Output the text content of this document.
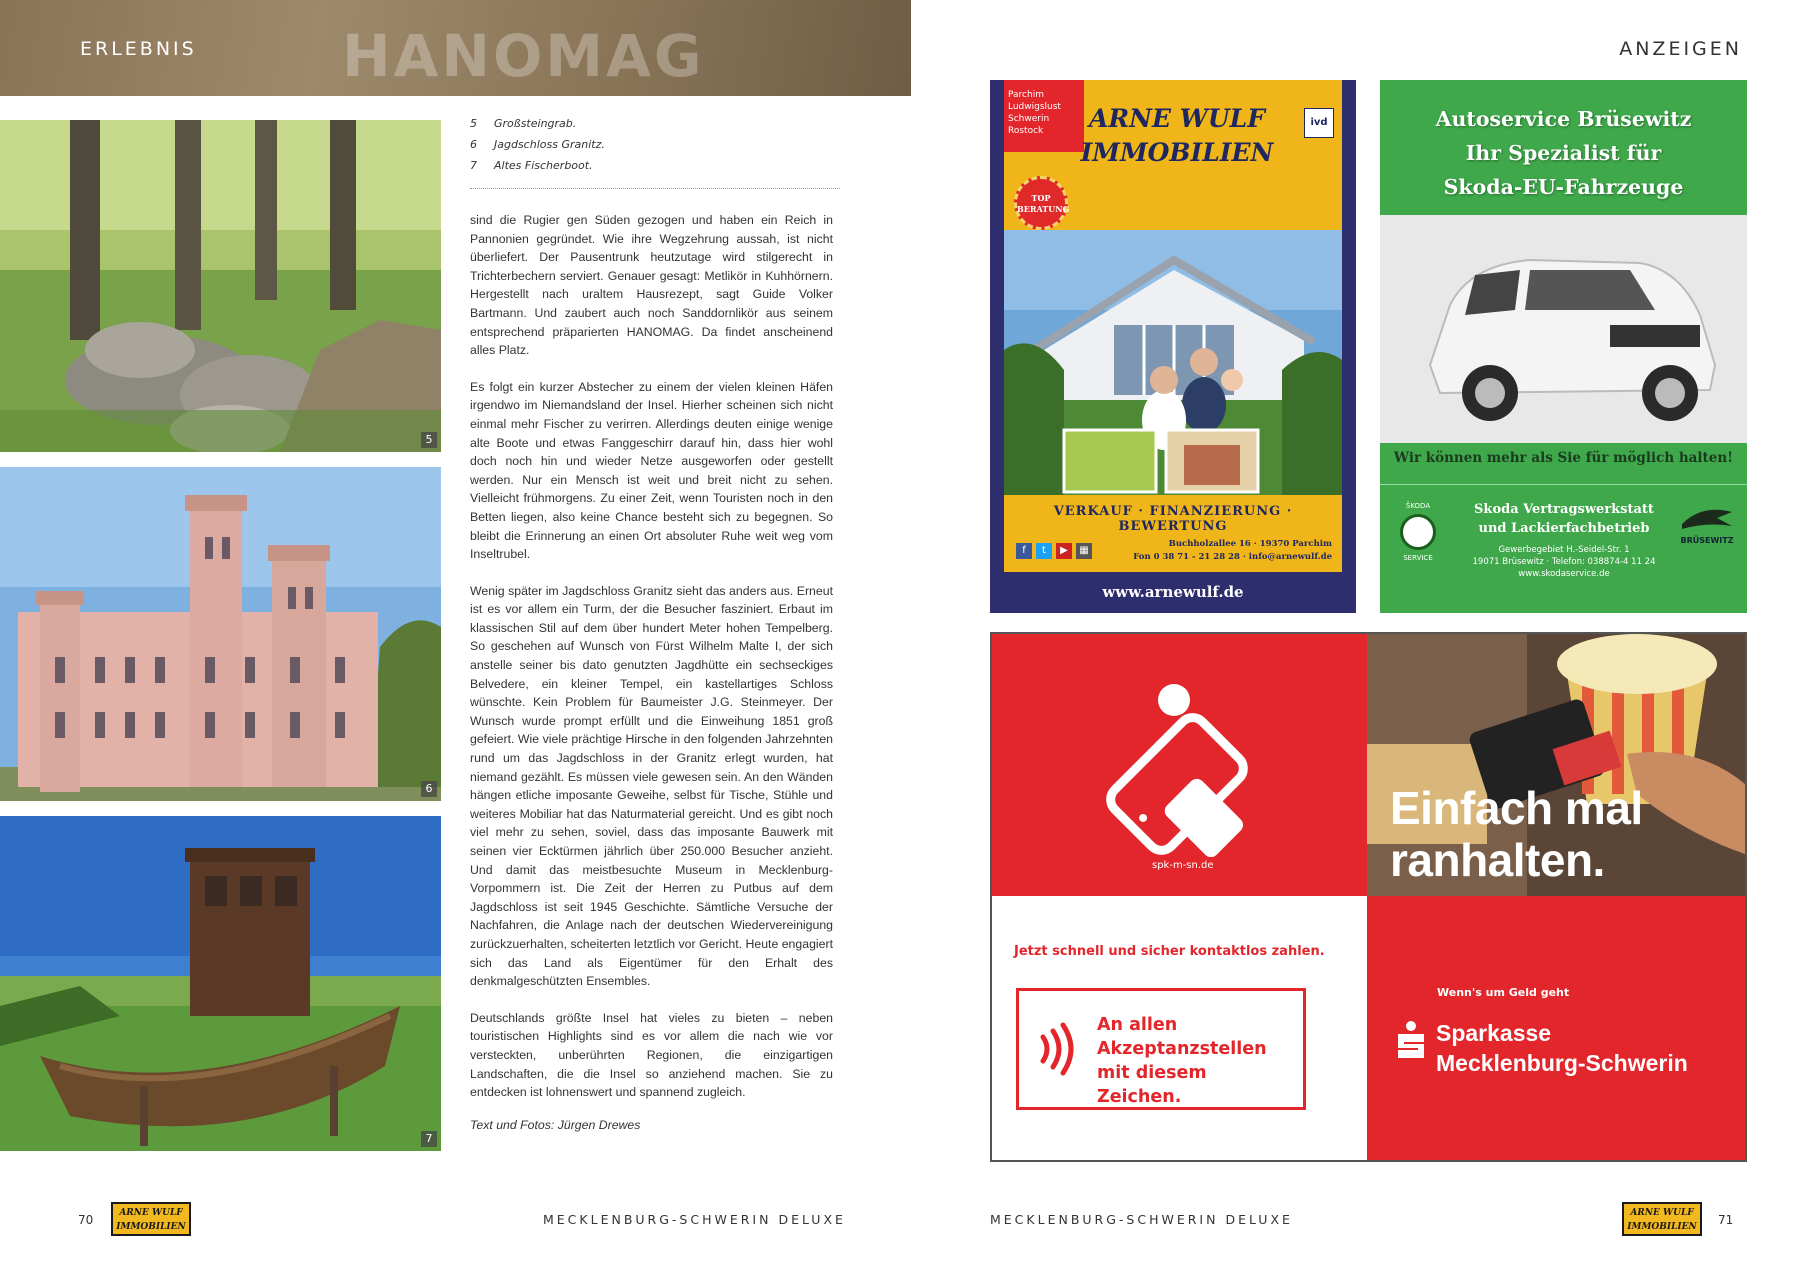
ERLEBNIS	HANOMAG
5
6
7
5 Großsteingrab.
6 Jagdschloss Granitz.
7 Altes Fischerboot.

sind die Rugier gen Süden gezogen und haben ein Reich in Pannonien gegründet. Wie ihre Wegzehrung aussah, ist nicht überliefert. Der Pausentrunk heutzutage wird stilgerecht in Trichterbechern serviert. Genauer gesagt: Metlikör in Kuhhörnern. Hergestellt nach uraltem Hausrezept, sagt Guide Volker Bartmann. Und zaubert auch noch Sanddornlikör aus seinem entsprechend präparierten HANOMAG. Da findet anscheinend alles Platz.

Es folgt ein kurzer Abstecher zu einem der vielen kleinen Häfen irgendwo im Niemandsland der Insel. Hierher scheinen sich nicht einmal mehr Fischer zu verirren. Allerdings deuten einige wenige alte Boote und etwas Fanggeschirr darauf hin, dass hier wohl doch noch hin und wieder Netze ausgeworfen oder gestellt werden. Nur ein Mensch ist weit und breit nicht zu sehen. Vielleicht frühmorgens. Zu einer Zeit, wenn Touristen noch in den Betten liegen, also keine Chance besteht sich zu begegnen. So bleibt die Erinnerung an einen Ort absoluter Ruhe weit weg vom Inseltrubel.

Wenig später im Jagdschloss Granitz sieht das anders aus. Erneut ist es vor allem ein Turm, der die Besucher fasziniert. Erbaut im klassischen Stil auf dem über hundert Meter hohen Tempelberg. So geschehen auf Wunsch von Fürst Wilhelm Malte I, der sich anstelle seiner bis dato genutzten Jagdhütte ein sechseckiges Belvedere, ein kleiner Tempel, ein kastellartiges Schloss wünschte. Kein Problem für Baumeister J.G. Steinmeyer. Der Wunsch wurde prompt erfüllt und die Einweihung 1851 groß gefeiert. Wie viele prächtige Hirsche in den folgenden Jahrzehnten rund um das Jagdschloss in der Granitz erlegt wurden, hat niemand gezählt. Es müssen viele gewesen sein. An den Wänden hängen etliche imposante Geweihe, selbst für Tische, Stühle und weiteres Mobiliar hat das Naturmaterial gereicht. Und es gibt noch viel mehr zu sehen, soviel, dass das imposante Bauwerk mit seinen vier Ecktürmen jährlich über 250.000 Besucher anzieht. Und damit das meistbesuchte Museum in Mecklenburg-Vorpommern ist. Die Zeit der Herren zu Putbus auf dem Jagdschloss ist seit 1945 Geschichte. Sämtliche Versuche der Nachfahren, die Anlage nach der deutschen Wiedervereinigung zurückzuerhalten, scheiterten letztlich vor Gericht. Heute engagiert sich das Land als Eigentümer für den Erhalt des denkmalgeschützten Ensembles.

Deutschlands größte Insel hat vieles zu bieten – neben touristischen Highlights sind es vor allem die nach wie vor versteckten, unberührten Regionen, die einzigartigen Landschaften, die die Insel so anziehend machen. Sie zu entdecken ist lohnenswert und spannend zugleich.

Text und Fotos: Jürgen Drewes

70	ARNE WULF
IMMOBILIEN	MECKLENBURG-SCHWERIN DELUXE
ANZEIGEN
Parchim
Ludwigslust
Schwerin
Rostock	ARNE WULF
IMMOBILIEN
ivd
TOP
BERATUNG
VERKAUF · FINANZIERUNG · BEWERTUNG
f	t	▶	▦
Buchholzallee 16 · 19370 Parchim
Fon 0 38 71 - 21 28 28 · info@arnewulf.de
www.arnewulf.de
Autoservice Brüsewitz
Ihr Spezialist für
Skoda-EU-Fahrzeuge
Wir können mehr als Sie für möglich halten!
ŠKODA
SERVICE
Skoda Vertragswerkstatt
und Lackierfachbetrieb
Gewerbegebiet H.-Seidel-Str. 1
19071 Brüsewitz · Telefon: 038874-4 11 24
www.skodaservice.de
BRÜSEWITZ
spk-m-sn.de
Einfach mal
ranhalten.
Jetzt schnell und sicher kontaktlos zahlen.
An allen Akzeptanzstellen mit diesem Zeichen.
Wenn's um Geld geht
Sparkasse
Mecklenburg-Schwerin
MECKLENBURG-SCHWERIN DELUXE	ARNE WULF
IMMOBILIEN 71
